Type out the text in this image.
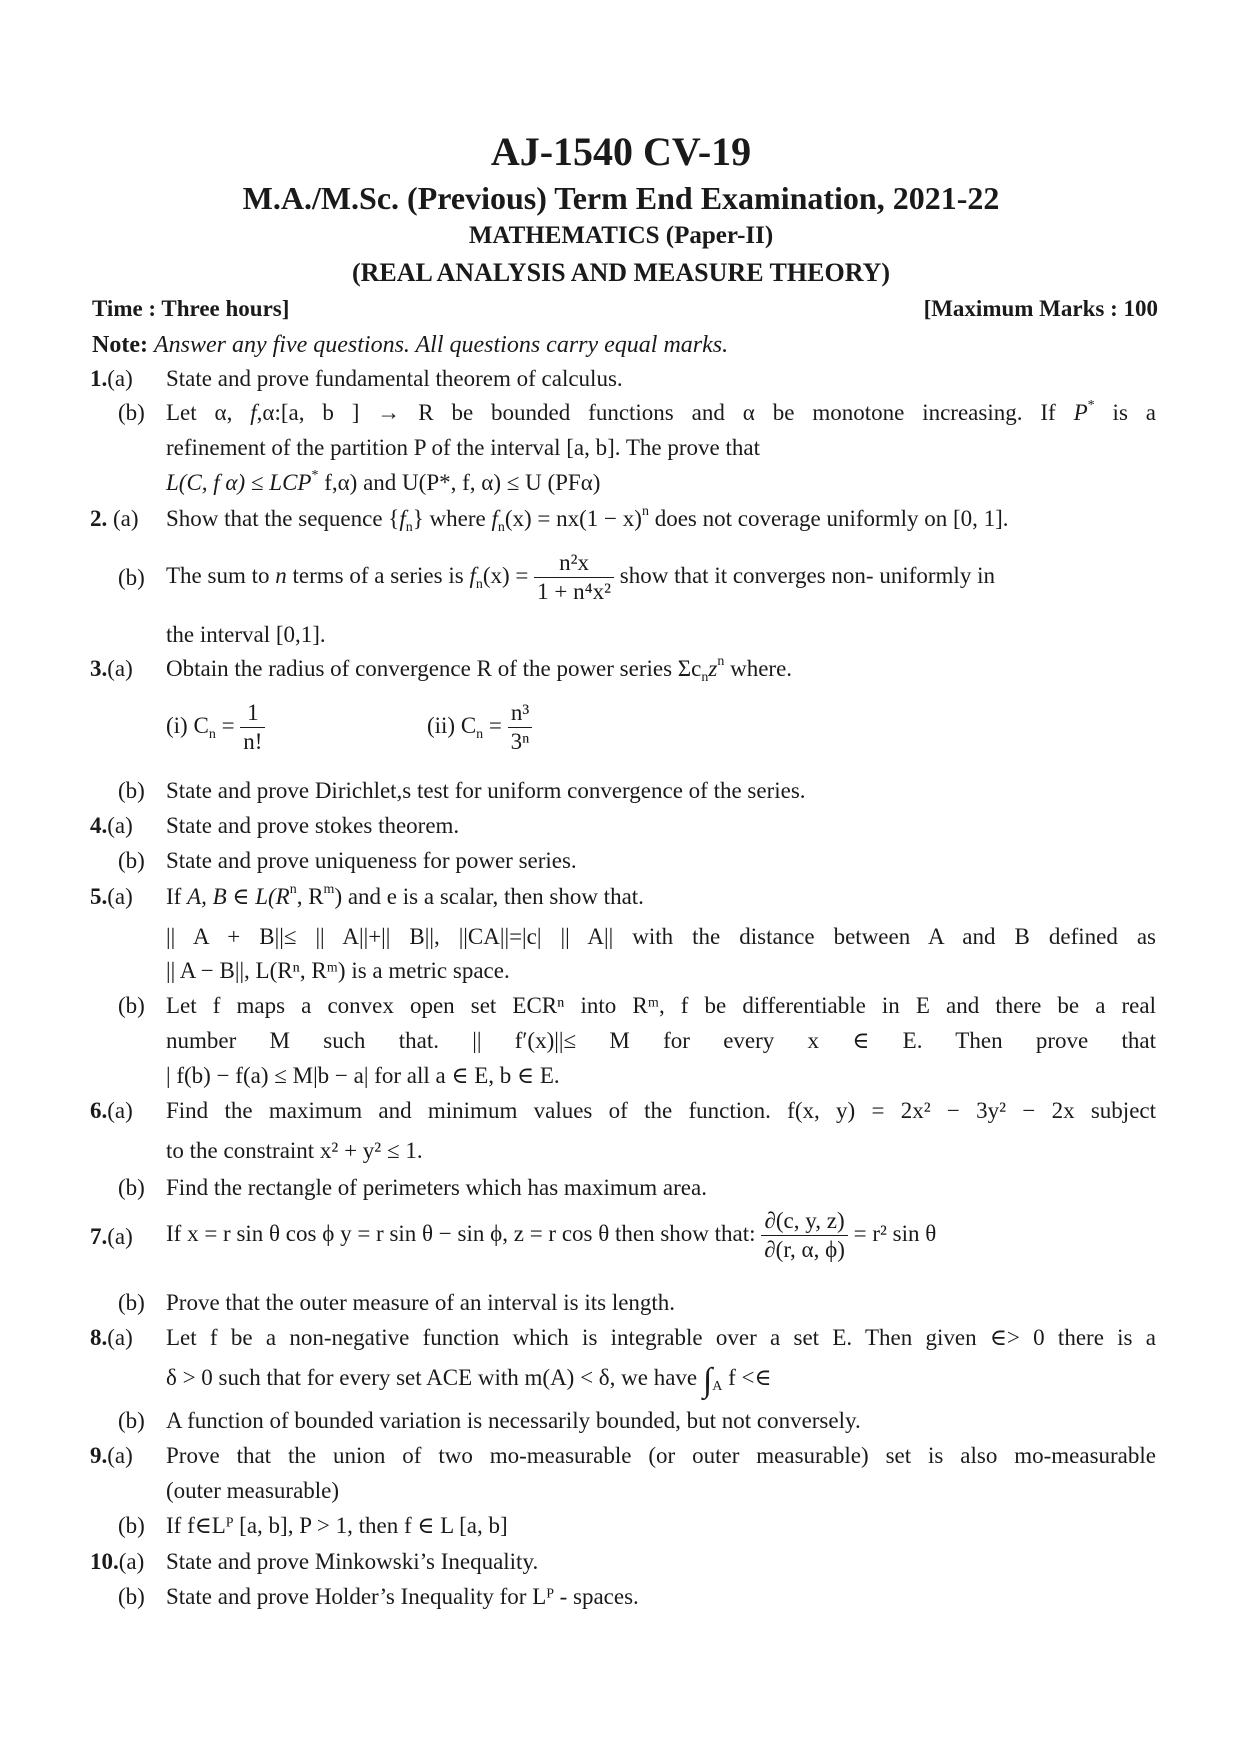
AJ-1540 CV-19
M.A./M.Sc. (Previous) Term End Examination, 2021-22
MATHEMATICS (Paper-II)
(REAL ANALYSIS AND MEASURE THEORY)
Time : Three hours]	[Maximum Marks : 100
Note: Answer any five questions. All questions carry equal marks.
1.(a) State and prove fundamental theorem of calculus.
(b) Let α, f,α:[a, b ] → R be bounded functions and α be monotone increasing. If P* is a
refinement of the partition P of the interval [a, b]. The prove that
L(C, f α) ≤ LCP* f,α) and U(P*, f, α) ≤ U (PFα)
2. (a) Show that the sequence $\{f_n\}$ where $f_n(x) = nx(1 - x)^n$ does not coverage uniformly on [0, 1].
(b) The sum to n terms of a series is $f_n(x) = \frac{\text{n²x}}{\text{1 + n⁴x²}}$ show that it converges non- uniformly in
the interval [0,1].
3.(a) Obtain the radius of convergence R of the power series $\Sigma c_nz^n$ where.
(i) $C_n = \frac{1}{n!}$	(ii) $C_n = \frac{\text{n³}}{\text{3ⁿ}}$
(b) State and prove Dirichlet,s test for uniform convergence of the series.
4.(a) State and prove stokes theorem.
(b) State and prove uniqueness for power series.
5.(a) If A, B ∈ $L(R^n$, $R^m$) and e is a scalar, then show that.
|| A + B||≤ || A||+|| B||, ||CA||=|c| || A|| with the distance between A and B defined as
|| A − B||, L(Rⁿ, Rᵐ) is a metric space.
(b) Let f maps a convex open set ECRⁿ into Rᵐ, f be differentiable in E and there be a real
number M such that. || f′(x)||≤ M for every x ∈ E. Then prove that
| f(b) − f(a) ≤ M|b − a| for all a ∈ E, b ∈ E.
6.(a) Find the maximum and minimum values of the function. f(x, y) = 2x² − 3y² − 2x subject
to the constraint x² + y² ≤ 1.
(b) Find the rectangle of perimeters which has maximum area.
7.(a) If x = r sin θ cos ϕ y = r sin θ − sin ϕ, z = r cos θ then show that: $\frac{\partial(c, y, z)}{\partial(r, \alpha, \phi)} = r^2$ sin θ
(b) Prove that the outer measure of an interval is its length.
8.(a) Let f be a non-negative function which is integrable over a set E. Then given ∈> 0 there is a
δ > 0 such that for every set ACE with m(A) < δ, we have $\int_A$ f <∈
(b) A function of bounded variation is necessarily bounded, but not conversely.
9.(a) Prove that the union of two mo-measurable (or outer measurable) set is also mo-measurable
(outer measurable)
(b) If f∈Lᴾ [a, b], P > 1, then f ∈ L [a, b]
10.(a) State and prove Minkowski’s Inequality.
(b) State and prove Holder’s Inequality for Lᴾ - spaces.
